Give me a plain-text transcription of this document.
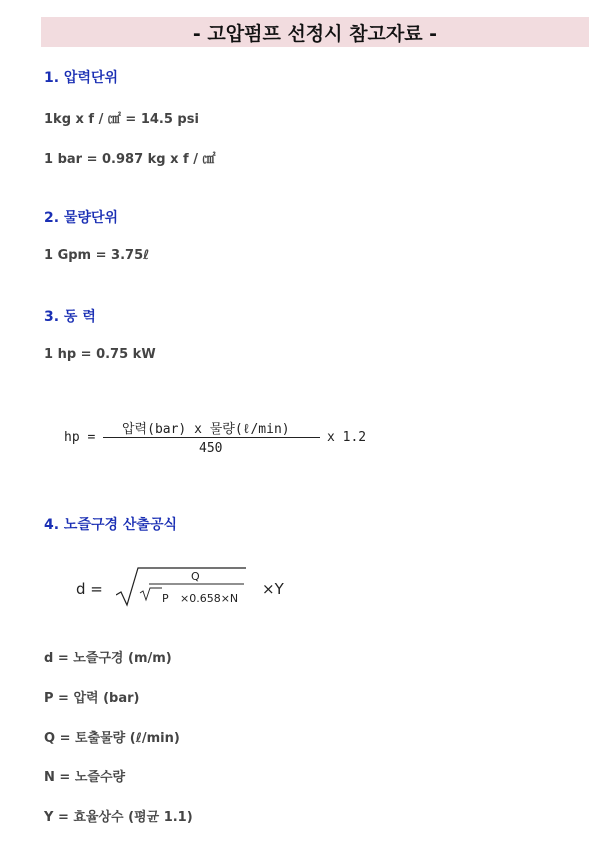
- 고압펌프 선정시 참고자료 -
1. 압력단위
1kg x f / ㎠ = 14.5 psi
1 bar = 0.987 kg x f / ㎠
2. 물량단위
1 Gpm = 3.75ℓ
3. 동 력
1 hp = 0.75 kW
hp =
압력(bar) x 물량(ℓ/min)
450
x 1.2
4. 노즐구경 산출공식
d =
Q
P ×0.658×N
×Y
d = 노즐구경 (m/m)
P = 압력 (bar)
Q = 토출물량 (ℓ/min)
N = 노즐수량
Y = 효율상수 (평균 1.1)
